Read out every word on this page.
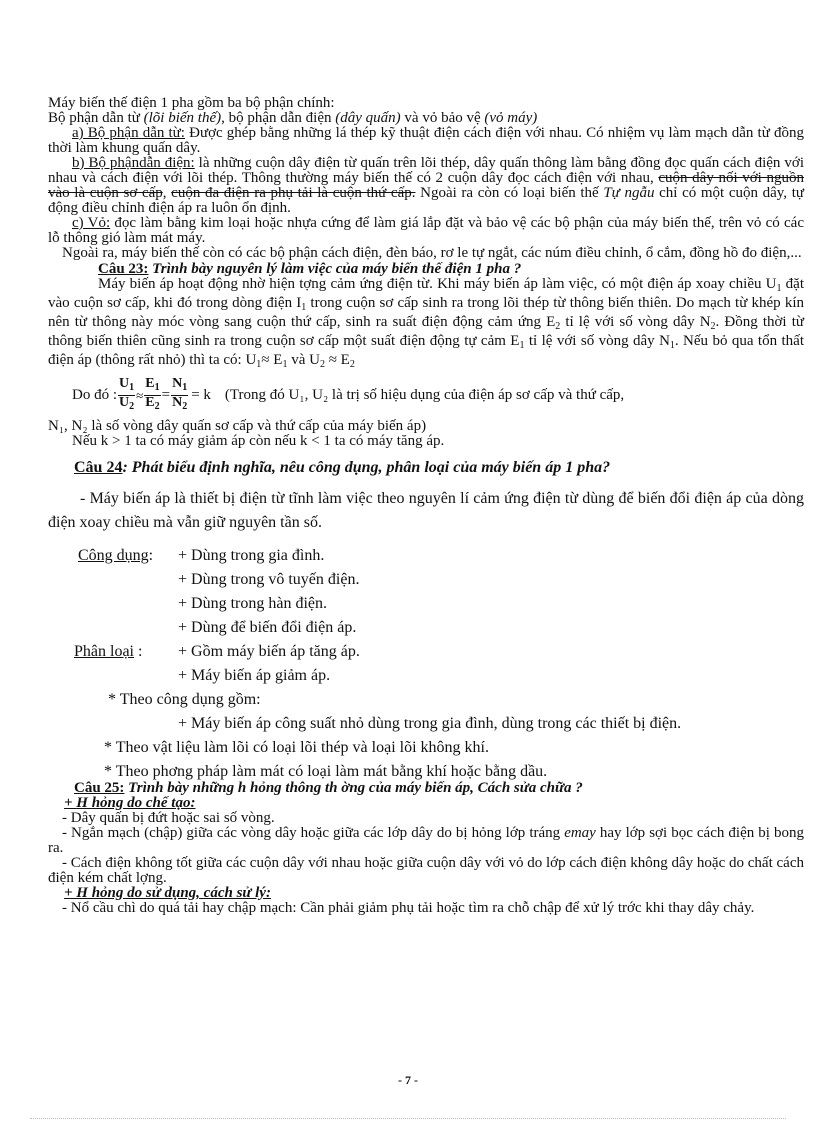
Máy biến thế điện 1 pha gồm ba bộ phận chính:
Bộ phận dẫn từ (lõi biến thế), bộ phận dẫn điện (dây quấn) và vỏ bảo vệ (vỏ máy)
a) Bộ phận dẫn từ: Được ghép bằng những lá thép kỹ thuật điện cách điện với nhau. Có nhiệm vụ làm mạch dẫn từ đồng thời làm khung quấn dây.
b) Bộ phậndẫn điện: là những cuộn dây điện từ quấn trên lõi thép, dây quấn thông làm bằng đồng đọc quấn cách điện với nhau và cách điện với lõi thép. Thông thường máy biến thế có 2 cuộn dây đọc cách điện với nhau, cuộn dây nối với nguồn vào là cuộn sơ cấp, cuộn đa điện ra phụ tải là cuộn thứ cấp. Ngoài ra còn có loại biến thế Tự ngẫu chỉ có một cuộn dây, tự động điều chỉnh điện áp ra luôn ổn định.
c) Vỏ: đọc làm bằng kim loại hoặc nhựa cứng để làm giá lắp đặt và bảo vệ các bộ phận của máy biến thế, trên vỏ có các lỗ thông gió làm mát máy.
Ngoài ra, máy biến thế còn có các bộ phận cách điện, đèn báo, rơ le tự ngắt, các núm điều chỉnh, ổ cắm, đồng hồ đo điện,...
Câu 23: Trình bày nguyên lý làm việc của máy biến thế điện 1 pha ?
Máy biến áp hoạt động nhờ hiện tợng cảm ứng điện từ. Khi máy biến áp làm việc, có một điện áp xoay chiều $U_1$ đặt vào cuộn sơ cấp, khi đó trong dòng điện $I_1$ trong cuộn sơ cấp sinh ra trong lõi thép từ thông biến thiên. Do mạch từ khép kín nên từ thông này móc vòng sang cuộn thứ cấp, sinh ra suất điện động cảm ứng $E_2$ tỉ lệ với số vòng dây $N_2$. Đồng thời từ thông biến thiên cũng sinh ra trong cuộn sơ cấp một suất điện động tự cảm $E_1$ tỉ lệ với số vòng dây $N_1$. Nếu bỏ qua tổn thất điện áp (thông rất nhỏ) thì ta có: $U_1\approx E_1$ và $U_2 \approx E_2$
Do đó : $\frac{U_1}{U_2} \approx \frac{E_1}{E_2} = \frac{N_1}{N_2} = k$ (Trong đó U₁, U₂ là trị số hiệu dụng của điện áp sơ cấp và thứ cấp,
N₁, N₂ là số vòng dây quấn sơ cấp và thứ cấp của máy biến áp)
Nếu k > 1 ta có máy giảm áp còn nếu k < 1 ta có máy tăng áp.
Câu 24: Phát biểu định nghĩa, nêu công dụng, phân loại của máy biến áp 1 pha?
- Máy biến áp là thiết bị điện từ tĩnh làm việc theo nguyên lí cảm ứng điện từ dùng để biến đổi điện áp của dòng điện xoay chiều mà vẫn giữ nguyên tần số.
Công dụng:	+ Dùng trong gia đình.
+ Dùng trong vô tuyến điện.
+ Dùng trong hàn điện.
+ Dùng để biến đổi điện áp.
Phân loại :	+ Gồm máy biến áp tăng áp.
+ Máy biến áp giảm áp.
* Theo công dụng gồm:
+ Máy biến áp công suất nhỏ dùng trong gia đình, dùng trong các thiết bị điện.
* Theo vật liệu làm lõi có loại lõi thép và loại lõi không khí.
* Theo phơng pháp làm mát có loại làm mát bằng khí hoặc bằng dầu.
Câu 25: Trình bày những h hỏng thông th ờng của máy biến áp, Cách sửa chữa ?
+ H hỏng do chế tạo:
- Dây quấn bị đứt hoặc sai số vòng.
- Ngắn mạch (chập) giữa các vòng dây hoặc giữa các lớp dây do bị hỏng lớp tráng emay hay lớp sợi bọc cách điện bị bong ra.
- Cách điện không tốt giữa các cuộn dây với nhau hoặc giữa cuộn dây với vỏ do lớp cách điện không dây hoặc do chất cách điện kém chất lợng.
+ H hỏng do sử dụng, cách sử lý:
- Nổ cầu chì do quá tải hay chập mạch: Cần phải giảm phụ tải hoặc tìm ra chỗ chập để xử lý trớc khi thay dây chảy.
- 7 -
